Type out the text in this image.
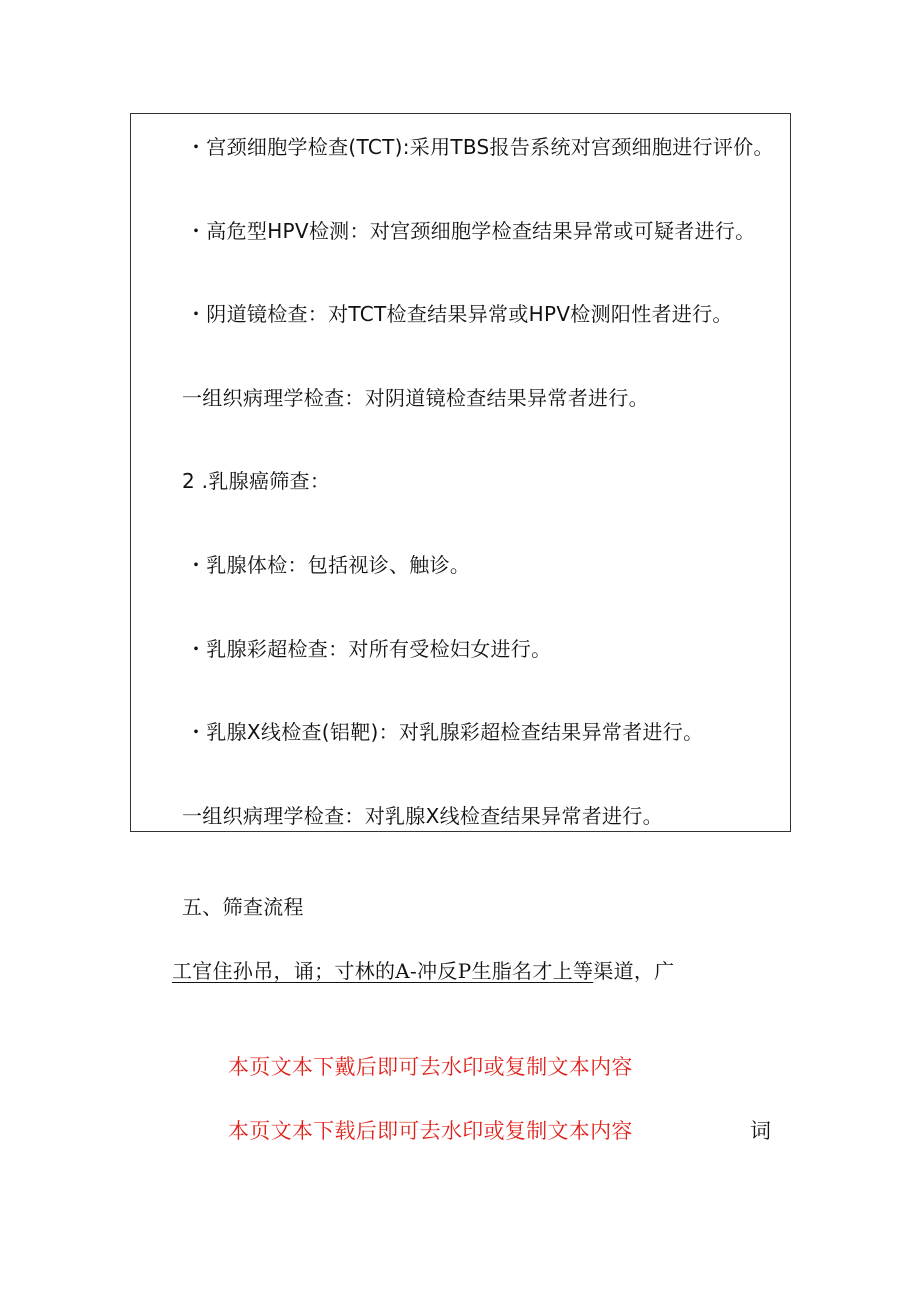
・宫颈细胞学检查(TCT):采用TBS报告系统对宫颈细胞进行评价。
・高危型HPV检测：对宫颈细胞学检查结果异常或可疑者进行。
・阴道镜检查：对TCT检查结果异常或HPV检测阳性者进行。
一组织病理学检查：对阴道镜检查结果异常者进行。
2 .乳腺癌筛查：
・乳腺体检：包括视诊、触诊。
・乳腺彩超检查：对所有受检妇女进行。
・乳腺X线检查(铝靶)：对乳腺彩超检查结果异常者进行。
一组织病理学检查：对乳腺X线检查结果异常者进行。
五、筛查流程
工官住孙吊，诵；寸林的A-冲反P生脂名才上等渠道，广
本页文本下戴后即可去水印或复制文本内容
本页文本下载后即可去水印或复制文本内容	词
